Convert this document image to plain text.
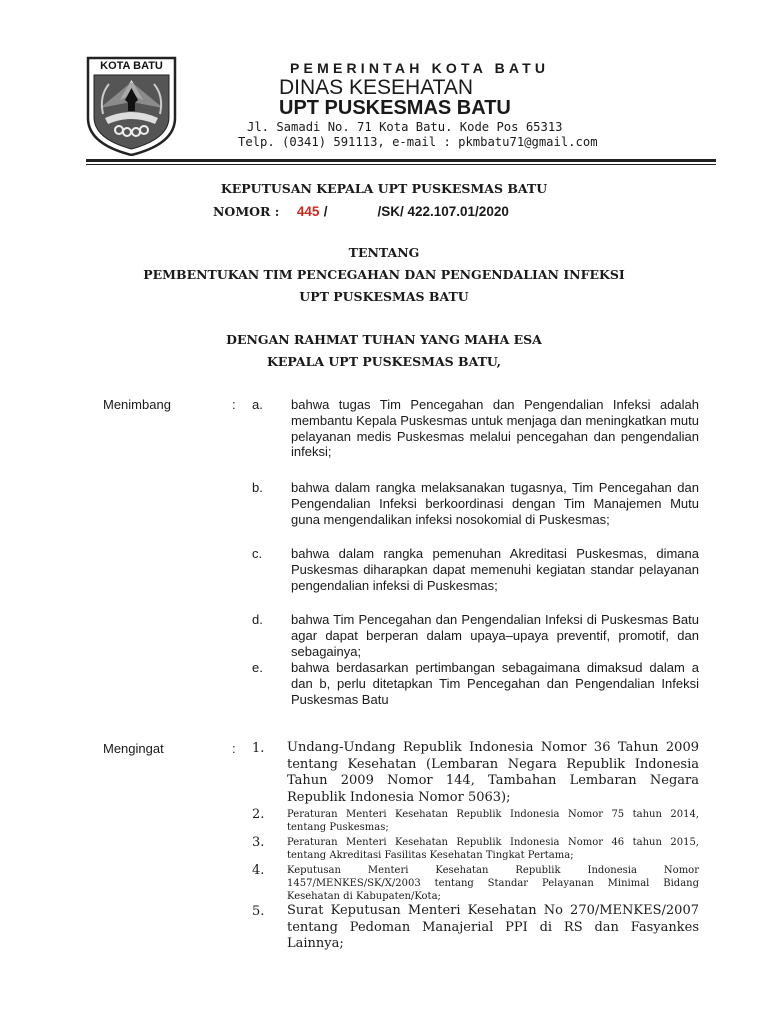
KOTA BATU	PEMERINTAH KOTA BATU
DINAS KESEHATAN
UPT PUSKESMAS BATU
Jl. Samadi No. 71 Kota Batu. Kode Pos 65313
Telp. (0341) 591113, e-mail : pkmbatu71@gmail.com
KEPUTUSAN KEPALA UPT PUSKESMAS BATU
NOMOR : 445 /	/SK/ 422.107.01/2020
TENTANG
PEMBENTUKAN TIM PENCEGAHAN DAN PENGENDALIAN INFEKSI
UPT PUSKESMAS BATU
DENGAN RAHMAT TUHAN YANG MAHA ESA
KEPALA UPT PUSKESMAS BATU,
Menimbang	: a. bahwa tugas Tim Pencegahan dan Pengendalian Infeksi adalah membantu Kepala Puskesmas untuk menjaga dan meningkatkan mutu pelayanan medis Puskesmas melalui pencegahan dan pengendalian infeksi;
b. bahwa dalam rangka melaksanakan tugasnya, Tim Pencegahan dan Pengendalian Infeksi berkoordinasi dengan Tim Manajemen Mutu guna mengendalikan infeksi nosokomial di Puskesmas;
c. bahwa dalam rangka pemenuhan Akreditasi Puskesmas, dimana Puskesmas diharapkan dapat memenuhi kegiatan standar pelayanan pengendalian infeksi di Puskesmas;
d. bahwa Tim Pencegahan dan Pengendalian Infeksi di Puskesmas Batu agar dapat berperan dalam upaya–upaya preventif, promotif, dan sebagainya;
e. bahwa berdasarkan pertimbangan sebagaimana dimaksud dalam a dan b, perlu ditetapkan Tim Pencegahan dan Pengendalian Infeksi Puskesmas Batu
Mengingat	: 1. Undang-Undang Republik Indonesia Nomor 36 Tahun 2009 tentang Kesehatan (Lembaran Negara Republik Indonesia Tahun 2009 Nomor 144, Tambahan Lembaran Negara Republik Indonesia Nomor 5063);
2. Peraturan Menteri Kesehatan Republik Indonesia Nomor 75 tahun 2014, tentang Puskesmas;
3. Peraturan Menteri Kesehatan Republik Indonesia Nomor 46 tahun 2015, tentang Akreditasi Fasilitas Kesehatan Tingkat Pertama;
4. Keputusan Menteri Kesehatan Republik Indonesia Nomor 1457/MENKES/SK/X/2003 tentang Standar Pelayanan Minimal Bidang Kesehatan di Kabupaten/Kota;
5. Surat Keputusan Menteri Kesehatan No 270/MENKES/2007 tentang Pedoman Manajerial PPI di RS dan Fasyankes Lainnya;
